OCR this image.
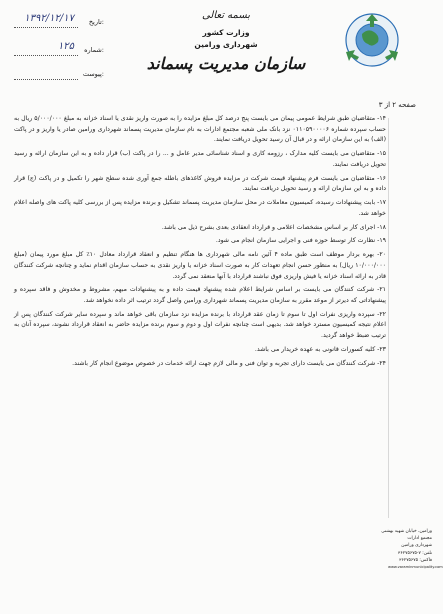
بسمه تعالی
وزارت کشور
شهرداری ورامین
سازمان مدیریت پسماند
تاریخ:
۱۳۹۲/۱۲/۱۷
شماره:
۱۲۵
پیوست:
صفحه ۲ از ۳

۱۴- متقاضیان طبق شرایط عمومی پیمان می بایست پنج درصد کل مبلغ مزایده را به صورت واریز نقدی یا اسناد خزانه به مبلغ ۵/۰۰۰/۰۰۰ ریال به حساب سپرده شماره ۰۱۱۰۵۹۰۰۰۰۶ نزد بانک ملی شعبه مجتمع ادارات به نام سازمان مدیریت پسماند شهرداری ورامین صادر یا واریز و در پاکت (الف) به این سازمان ارائه و در قبال آن رسید تحویل دریافت نمایند.

۱۵- متقاضیان می بایست کلیه مدارک ، رزومه کاری و اسناد شناسائی مدیر عامل و ... را در پاکت (ب) قرار داده و به این سازمان ارائه و رسید تحویل دریافت نمایند.

۱۶- متقاضیان می بایست فرم پیشنهاد قیمت شرکت در مزایده فروش کاغذهای باطله جمع آوری شده سطح شهر را تکمیل و در پاکت (ج) قرار داده و به این سازمان ارائه و رسید تحویل دریافت نمایند.

۱۷- بابت پیشنهادات رسیده، کمیسیون معاملات در محل سازمان مدیریت پسماند تشکیل و برنده مزایده پس از بررسی کلیه پاکت های واصله اعلام خواهد شد.

۱۸- اجرای کار بر اساس مشخصات اعلامی و قرارداد انعقادی بعدی بشرح ذیل می باشد.

۱۹- نظارت کار توسط حوزه فنی و اجرایی سازمان انجام می شود.

۲۰- بهره بردار موظف است طبق ماده ۴ آئین نامه مالی شهرداری ها هنگام تنظیم و انعقاد قرارداد معادل ۱۰٪ کل مبلغ مورد پیمان (مبلغ ۱۰/۰۰۰/۰۰۰ ریال) به منظور حسن انجام تعهدات کار به صورت اسناد خزانه یا واریز نقدی به حساب سازمان اقدام نماید و چنانچه شرکت کنندگان قادر به ارائه اسناد خزانه یا فیش واریزی فوق نباشند قرارداد با آنها منعقد نمی گردد.

۲۱- شرکت کنندگان می بایست بر اساس شرایط اعلام شده پیشنهاد قیمت داده و به پیشنهادات مبهم، مشروط و مخدوش و فاقد سپرده و پیشنهاداتی که دیرتر از موعد مقرر به سازمان مدیریت پسماند شهرداری ورامین واصل گردد ترتیب اثر داده نخواهد شد.

۲۲- سپرده واریزی نفرات اول تا سوم تا زمان عقد قرارداد با برنده مزایده نزد سازمان باقی خواهد ماند و سپرده سایر شرکت کنندگان پس از اعلام نتیجه کمیسیون مسترد خواهد شد. بدیهی است چنانچه نفرات اول و دوم و سوم برنده مزایده حاضر به انعقاد قرارداد نشوند، سپرده آنان به ترتیب ضبط خواهد گردید.

۲۳- کلیه کسورات قانونی به عهده خریدار می باشد.

۲۴- شرکت کنندگان می بایست دارای تجربه و توان فنی و مالی لازم جهت ارائه خدمات در خصوص موضوع انجام کار باشند.

ورامین، خیابان شهید بهشتی
مجتمع ادارات
شهرداری ورامین
تلفن: ۷-۳۶۲۷۵۶۷۵
فاکس: ۳۶۲۷۵۶۷۵
www.varaminmunicipality.com
